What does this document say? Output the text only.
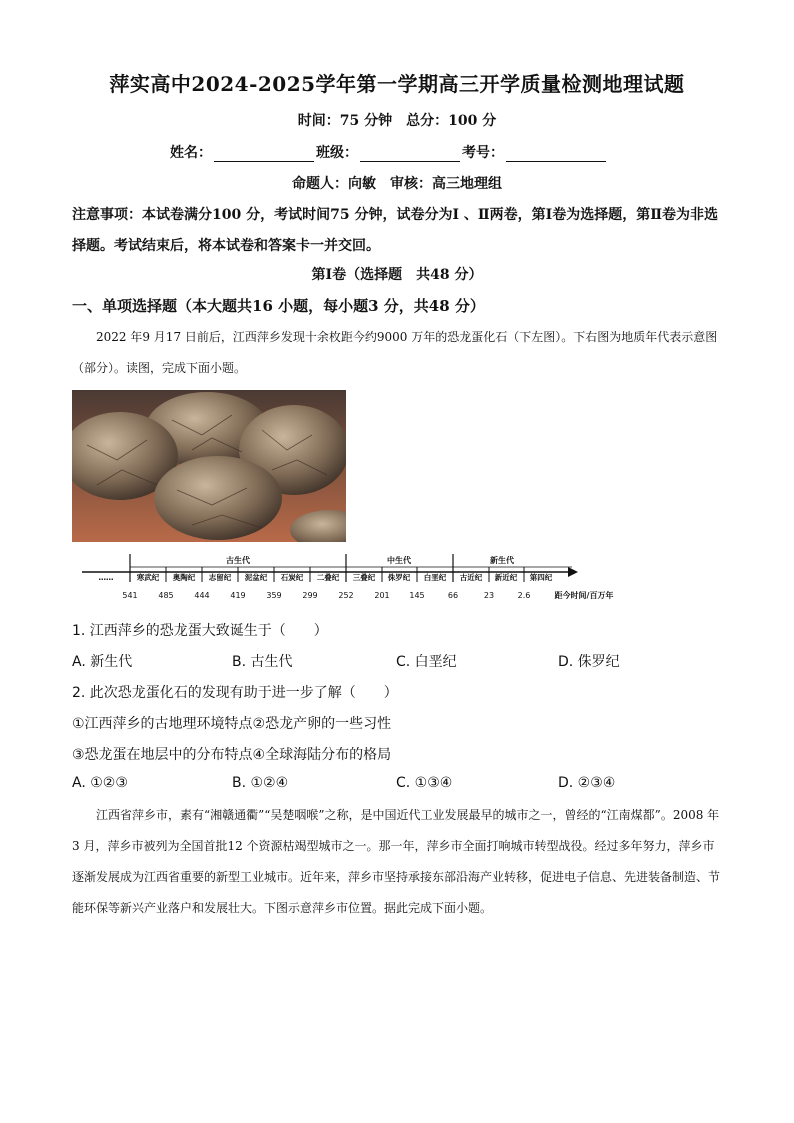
萍实高中2024-2025学年第一学期高三开学质量检测地理试题
时间：75 分钟　总分：100 分
姓名：	班级：	考号：
命题人：向敏　审核：高三地理组
注意事项：本试卷满分100 分，考试时间75 分钟，试卷分为Ⅰ 、Ⅱ两卷，第Ⅰ卷为选择题，第Ⅱ卷为非选择题。考试结束后，将本试卷和答案卡一并交回。
第Ⅰ卷（选择题　共48 分）
一、单项选择题（本大题共16 小题，每小题3 分，共48 分）
2022 年9 月17 日前后，江西萍乡发现十余枚距今约9000 万年的恐龙蛋化石（下左图）。下右图为地质年代表示意图（部分）。读图，完成下面小题。
古生代	中生代	新生代
……	寒武纪 奥陶纪 志留纪 泥盆纪 石炭纪 二叠纪 三叠纪 侏罗纪 白垩纪 古近纪 新近纪 第四纪
541	485	444	419	359	299	252	201 145	66	23	2.6	距今时间/百万年
1. 江西萍乡的恐龙蛋大致诞生于（　　）
A. 新生代	B. 古生代	C. 白垩纪	D. 侏罗纪
2. 此次恐龙蛋化石的发现有助于进一步了解（　　）
①江西萍乡的古地理环境特点②恐龙产卵的一些习性
③恐龙蛋在地层中的分布特点④全球海陆分布的格局
A. ①②③	B. ①②④	C. ①③④	D. ②③④
江西省萍乡市，素有“湘赣通衢”“吴楚咽喉”之称，是中国近代工业发展最早的城市之一，曾经的“江南煤都”。2008 年3 月，萍乡市被列为全国首批12 个资源枯竭型城市之一。那一年，萍乡市全面打响城市转型战役。经过多年努力，萍乡市逐渐发展成为江西省重要的新型工业城市。近年来，萍乡市坚持承接东部沿海产业转移，促进电子信息、先进装备制造、节能环保等新兴产业落户和发展壮大。下图示意萍乡市位置。据此完成下面小题。
